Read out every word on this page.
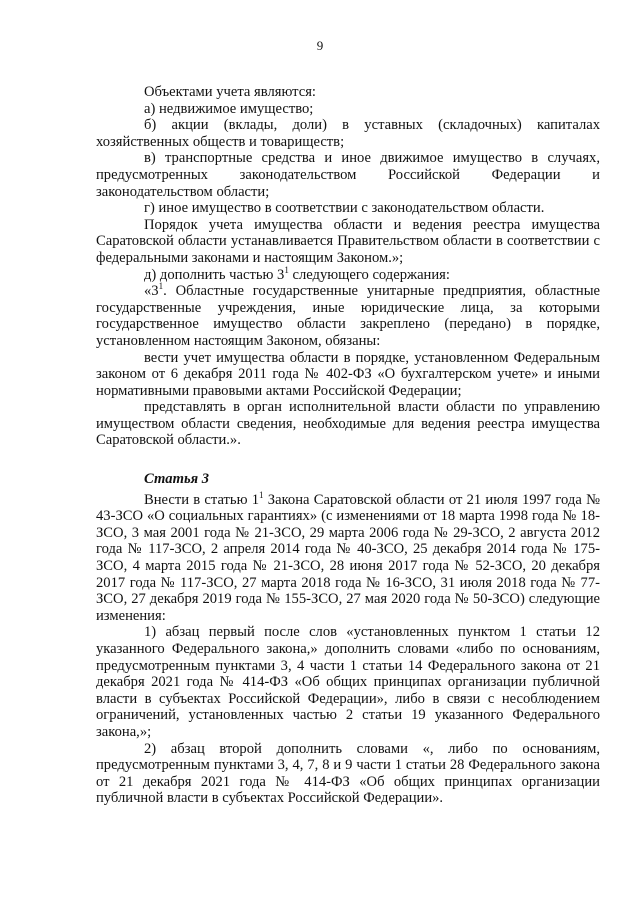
9

Объектами учета являются:

а) недвижимое имущество;

б) акции (вклады, доли) в уставных (складочных) капиталах хозяйственных обществ и товариществ;

в) транспортные средства и иное движимое имущество в случаях, предусмотренных законодательством Российской Федерации и законодательством области;

г) иное имущество в соответствии с законодательством области.

Порядок учета имущества области и ведения реестра имущества Саратовской области устанавливается Правительством области в соответствии с федеральными законами и настоящим Законом.»;

д) дополнить частью $3^1$ следующего содержания:

«$3^1$. Областные государственные унитарные предприятия, областные государственные учреждения, иные юридические лица, за которыми государственное имущество области закреплено (передано) в порядке, установленном настоящим Законом, обязаны:

вести учет имущества области в порядке, установленном Федеральным законом от 6 декабря 2011 года № 402-ФЗ «О бухгалтерском учете» и иными нормативными правовыми актами Российской Федерации;

представлять в орган исполнительной власти области по управлению имуществом области сведения, необходимые для ведения реестра имущества Саратовской области.».

Статья 3

Внести в статью $1^1$ Закона Саратовской области от 21 июля 1997 года № 43-ЗСО «О социальных гарантиях» (с изменениями от 18 марта 1998 года № 18-ЗСО, 3 мая 2001 года № 21-ЗСО, 29 марта 2006 года № 29-ЗСО, 2 августа 2012 года № 117-ЗСО, 2 апреля 2014 года № 40-ЗСО, 25 декабря 2014 года № 175-ЗСО, 4 марта 2015 года № 21-ЗСО, 28 июня 2017 года № 52-ЗСО, 20 декабря 2017 года № 117-ЗСО, 27 марта 2018 года № 16-ЗСО, 31 июля 2018 года № 77-ЗСО, 27 декабря 2019 года № 155-ЗСО, 27 мая 2020 года № 50-ЗСО) следующие изменения:

1) абзац первый после слов «установленных пунктом 1 статьи 12 указанного Федерального закона,» дополнить словами «либо по основаниям, предусмотренным пунктами 3, 4 части 1 статьи 14 Федерального закона от 21 декабря 2021 года № 414-ФЗ «Об общих принципах организации публичной власти в субъектах Российской Федерации», либо в связи с несоблюдением ограничений, установленных частью 2 статьи 19 указанного Федерального закона,»;

2) абзац второй дополнить словами «, либо по основаниям, предусмотренным пунктами 3, 4, 7, 8 и 9 части 1 статьи 28 Федерального закона от 21 декабря 2021 года № 414-ФЗ «Об общих принципах организации публичной власти в субъектах Российской Федерации».
